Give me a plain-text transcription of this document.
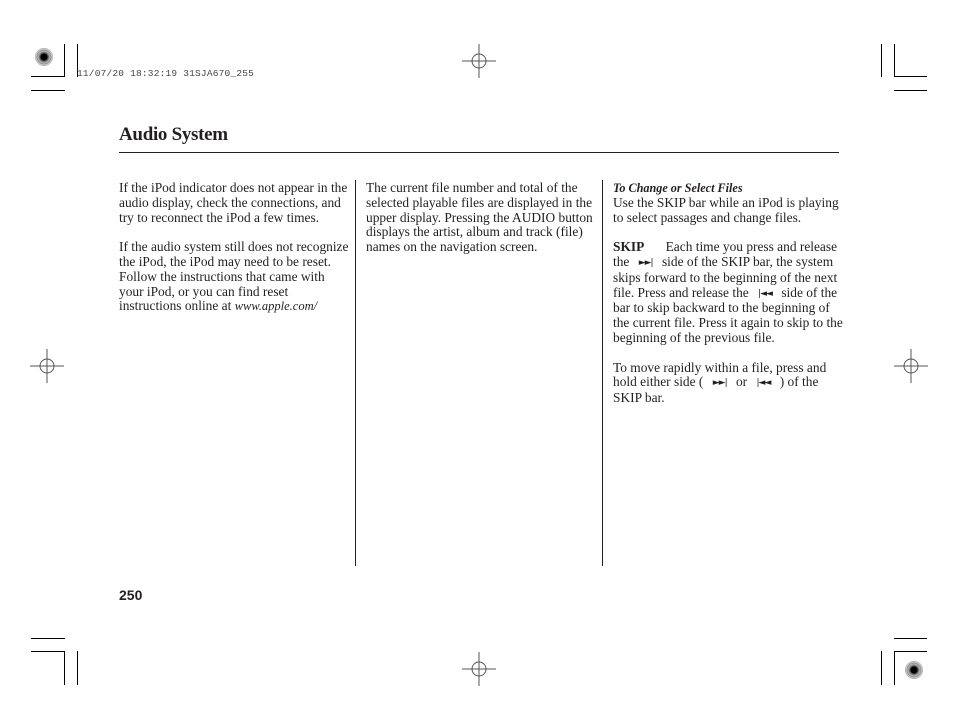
11/07/20 18:32:19 31SJA670_255
Audio System

If the iPod indicator does not appear in the audio display, check the connections, and try to reconnect the iPod a few times.

If the audio system still does not recognize the iPod, the iPod may need to be reset. Follow the instructions that came with your iPod, or you can find reset instructions online at www.apple.com/

The current file number and total of the selected playable files are displayed in the upper display. Pressing the AUDIO button displays the artist, album and track (file) names on the navigation screen.

To Change or Select Files
Use the SKIP bar while an iPod is playing to select passages and change files.

SKIP Each time you press and release the ►►| side of the SKIP bar, the system skips forward to the beginning of the next file. Press and release the |◄◄ side of the bar to skip backward to the beginning of the current file. Press it again to skip to the beginning of the previous file.

To move rapidly within a file, press and hold either side ( ►►| or |◄◄ ) of the SKIP bar.

250
